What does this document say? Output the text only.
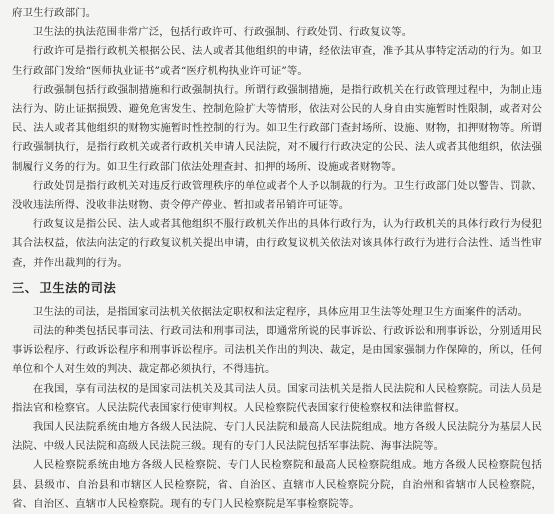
府卫生行政部门。

卫生法的执法范围非常广泛，包括行政许可、行政强制、行政处罚、行政复议等。

行政许可是指行政机关根据公民、法人或者其他组织的申请，经依法审查，准予其从事特定活动的行为。如卫生行政部门发给“医师执业证书”或者“医疗机构执业许可证”等。

行政强制包括行政强制措施和行政强制执行。所谓行政强制措施，是指行政机关在行政管理过程中，为制止违法行为、防止证据损毁、避免危害发生、控制危险扩大等情形，依法对公民的人身自由实施暂时性限制，或者对公民、法人或者其他组织的财物实施暂时性控制的行为。如卫生行政部门查封场所、设施、财物，扣押财物等。所谓行政强制执行，是指行政机关或者行政机关申请人民法院，对不履行行政决定的公民、法人或者其他组织，依法强制履行义务的行为。如卫生行政部门依法处理查封、扣押的场所、设施或者财物等。

行政处罚是指行政机关对违反行政管理秩序的单位或者个人予以制裁的行为。卫生行政部门处以警告、罚款、没收违法所得、没收非法财物、责令停产停业、暂扣或者吊销许可证等。

行政复议是指公民、法人或者其他组织不服行政机关作出的具体行政行为，认为行政机关的具体行政行为侵犯其合法权益，依法向法定的行政复议机关提出申请，由行政复议机关依法对该具体行政行为进行合法性、适当性审查，并作出裁判的行为。

三、 卫生法的司法

卫生法的司法，是指国家司法机关依据法定职权和法定程序，具体应用卫生法等处理卫生方面案件的活动。

司法的种类包括民事司法、行政司法和刑事司法，即通常所说的民事诉讼、行政诉讼和刑事诉讼，分别适用民事诉讼程序、行政诉讼程序和刑事诉讼程序。司法机关作出的判决、裁定，是由国家强制力作保障的，所以，任何单位和个人对生效的判决、裁定都必须执行，不得违抗。

在我国，享有司法权的是国家司法机关及其司法人员。国家司法机关是指人民法院和人民检察院。司法人员是指法官和检察官。人民法院代表国家行使审判权。人民检察院代表国家行使检察权和法律监督权。

我国人民法院系统由地方各级人民法院、专门人民法院和最高人民法院组成。地方各级人民法院分为基层人民法院、中级人民法院和高级人民法院三级。现有的专门人民法院包括军事法院、海事法院等。

人民检察院系统由地方各级人民检察院、专门人民检察院和最高人民检察院组成。地方各级人民检察院包括县、县级市、自治县和市辖区人民检察院，省、自治区、直辖市人民检察院分院，自治州和省辖市人民检察院，省、自治区、直辖市人民检察院。现有的专门人民检察院是军事检察院等。
